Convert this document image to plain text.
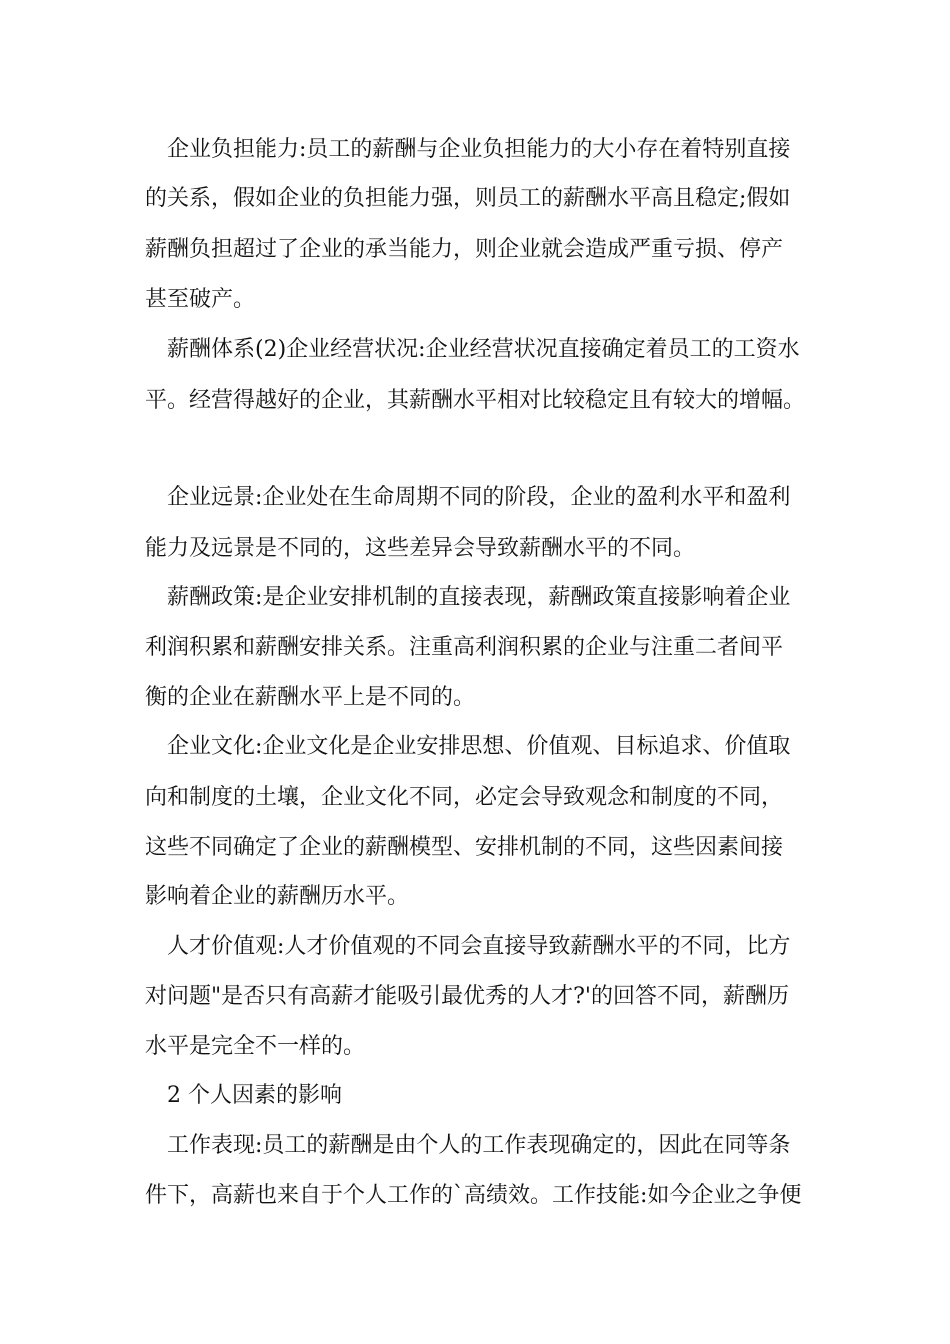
企业负担能力:员工的薪酬与企业负担能力的大小存在着特别直接

的关系，假如企业的负担能力强，则员工的薪酬水平高且稳定;假如

薪酬负担超过了企业的承当能力，则企业就会造成严重亏损、停产

甚至破产。

薪酬体系(2)企业经营状况:企业经营状况直接确定着员工的工资水

平。经营得越好的企业，其薪酬水平相对比较稳定且有较大的增幅。

企业远景:企业处在生命周期不同的阶段，企业的盈利水平和盈利

能力及远景是不同的，这些差异会导致薪酬水平的不同。

薪酬政策:是企业安排机制的直接表现，薪酬政策直接影响着企业

利润积累和薪酬安排关系。注重高利润积累的企业与注重二者间平

衡的企业在薪酬水平上是不同的。

企业文化:企业文化是企业安排思想、价值观、目标追求、价值取

向和制度的土壤，企业文化不同，必定会导致观念和制度的不同，

这些不同确定了企业的薪酬模型、安排机制的不同，这些因素间接

影响着企业的薪酬历水平。

人才价值观:人才价值观的不同会直接导致薪酬水平的不同，比方

对问题"是否只有高薪才能吸引最优秀的人才?'的回答不同，薪酬历

水平是完全不一样的。

2 个人因素的影响

工作表现:员工的薪酬是由个人的工作表现确定的，因此在同等条

件下，高薪也来自于个人工作的`高绩效。工作技能:如今企业之争便
